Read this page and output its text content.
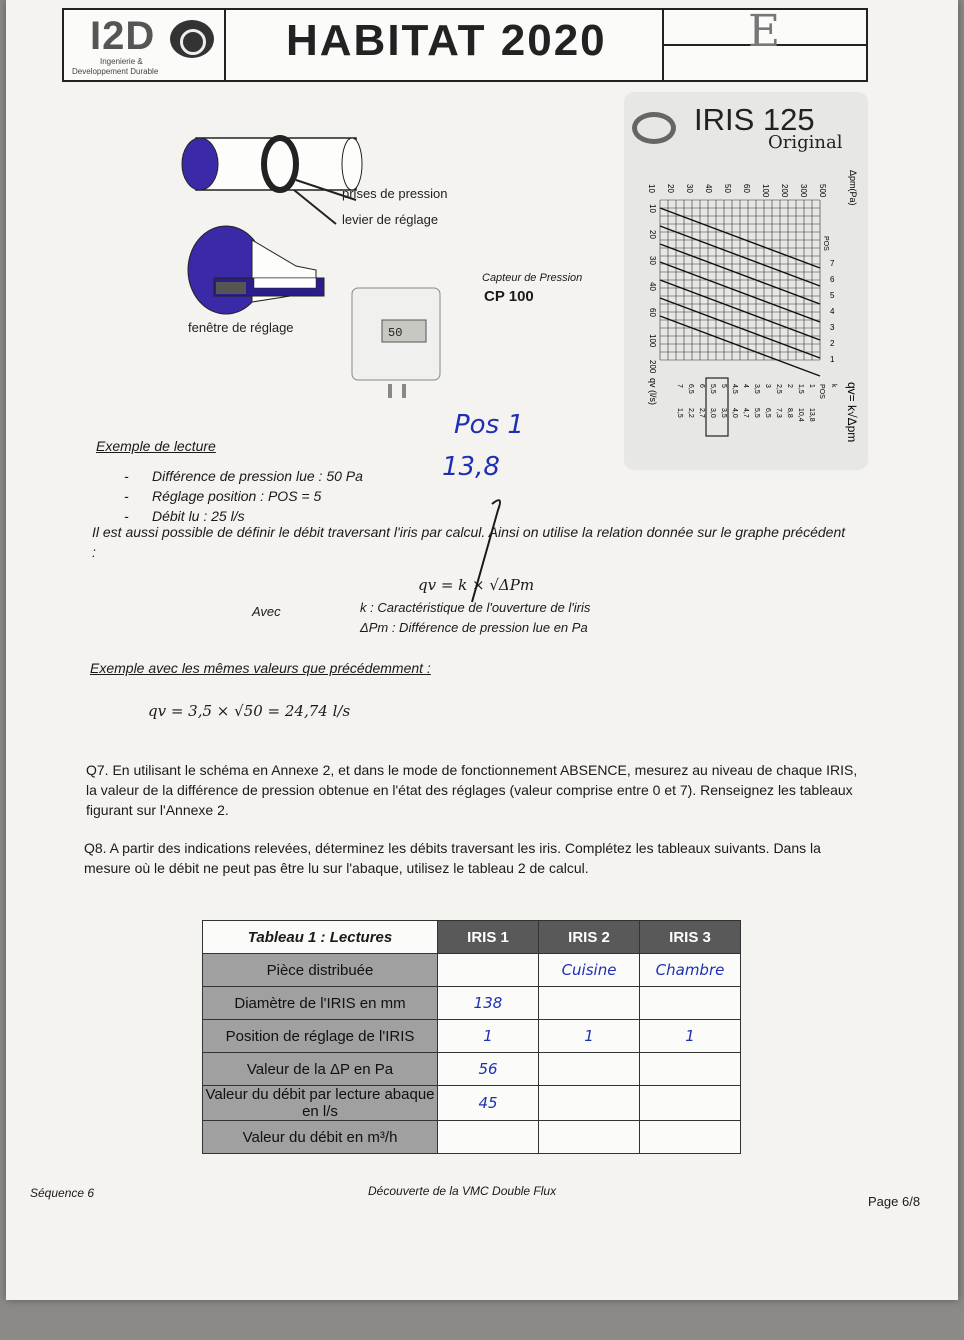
I2D
Ingenierie &
Developpement Durable
HABITAT 2020	E
50
prises de pression
levier de réglage
fenêtre de réglage
Capteur de Pression
CP 100
IRIS 125
Original
Δpm(Pa)
500
300
200
100
60
50
40
30
20
10
10
20
30
40
60
100
200
qv (l/s)
POS
7
6
5
4
3
2
1
qv= k√Δpm
POS k
1
13,8
1,5
10,4
2
8,8
2,5
7,3
3
6,5
3,5
5,5
4
4,7
4,5
4,0
5
3,5
5,5
3,0
6
2,7
6,5
2,2
7
1,5
Pos 1
13,8
Exemple de lecture
-      Différence de pression lue : 50 Pa
-      Réglage position : POS = 5
-      Débit lu : 25 l/s
Il est aussi possible de définir le débit traversant l'iris par calcul. Ainsi on utilise la relation donnée sur le graphe précédent :
qv = k × √ΔPm
Avec	k : Caractéristique de l'ouverture de l'iris
ΔPm : Différence de pression lue en Pa
Exemple avec les mêmes valeurs que précédemment :
qv = 3,5 × √50 = 24,74 l/s
Q7. En utilisant le schéma en Annexe 2, et dans le mode de fonctionnement ABSENCE, mesurez au niveau de chaque IRIS, la valeur de la différence de pression obtenue en l'état des réglages (valeur comprise entre 0 et 7). Renseignez les tableaux figurant sur l'Annexe 2.
Q8. A partir des indications relevées, déterminez les débits traversant les iris. Complétez les tableaux suivants. Dans la mesure où le débit ne peut pas être lu sur l'abaque, utilisez le tableau 2 de calcul.
Tableau 1 : Lectures	IRIS 1	IRIS 2	IRIS 3
Pièce distribuée		Cuisine	Chambre
Diamètre de l'IRIS en mm	138		
Position de réglage de l'IRIS	1	1	1
Valeur de la ΔP en Pa	56		
Valeur du débit par lecture abaque en l/s	45		
Valeur du débit en m³/h			
Séquence 6	Découverte de la VMC Double Flux
Page 6/8
